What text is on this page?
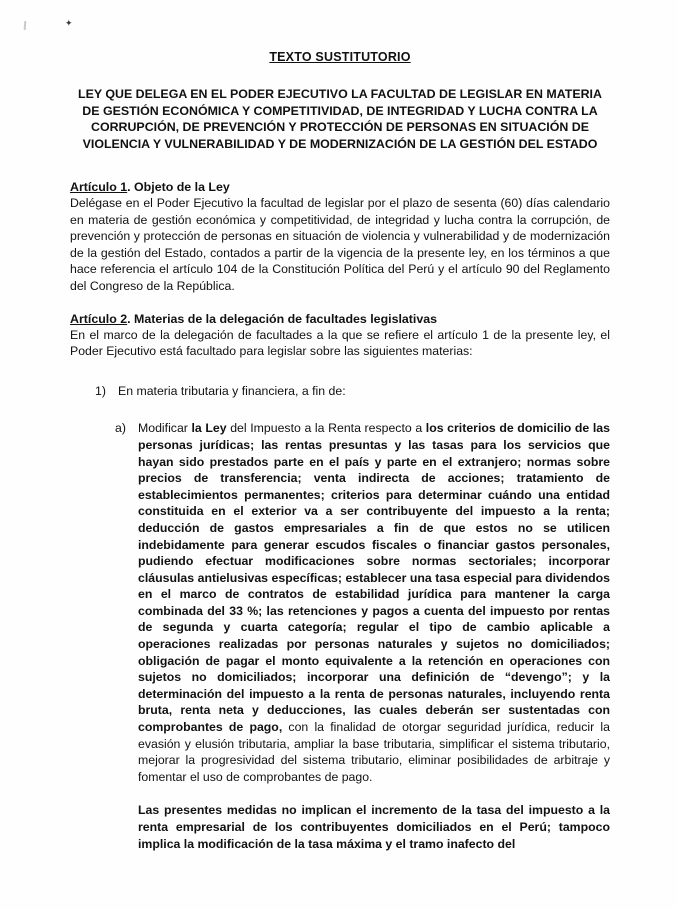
✦
TEXTO SUSTITUTORIO
LEY QUE DELEGA EN EL PODER EJECUTIVO LA FACULTAD DE LEGISLAR EN MATERIA DE GESTIÓN ECONÓMICA Y COMPETITIVIDAD, DE INTEGRIDAD Y LUCHA CONTRA LA CORRUPCIÓN, DE PREVENCIÓN Y PROTECCIÓN DE PERSONAS EN SITUACIÓN DE VIOLENCIA Y VULNERABILIDAD Y DE MODERNIZACIÓN DE LA GESTIÓN DEL ESTADO
Artículo 1. Objeto de la Ley

Delégase en el Poder Ejecutivo la facultad de legislar por el plazo de sesenta (60) días calendario en materia de gestión económica y competitividad, de integridad y lucha contra la corrupción, de prevención y protección de personas en situación de violencia y vulnerabilidad y de modernización de la gestión del Estado, contados a partir de la vigencia de la presente ley, en los términos a que hace referencia el artículo 104 de la Constitución Política del Perú y el artículo 90 del Reglamento del Congreso de la República.

Artículo 2. Materias de la delegación de facultades legislativas

En el marco de la delegación de facultades a la que se refiere el artículo 1 de la presente ley, el Poder Ejecutivo está facultado para legislar sobre las siguientes materias:

1) En materia tributaria y financiera, a fin de:
a) Modificar la Ley del Impuesto a la Renta respecto a los criterios de domicilio de las personas jurídicas; las rentas presuntas y las tasas para los servicios que hayan sido prestados parte en el país y parte en el extranjero; normas sobre precios de transferencia; venta indirecta de acciones; tratamiento de establecimientos permanentes; criterios para determinar cuándo una entidad constituida en el exterior va a ser contribuyente del impuesto a la renta; deducción de gastos empresariales a fin de que estos no se utilicen indebidamente para generar escudos fiscales o financiar gastos personales, pudiendo efectuar modificaciones sobre normas sectoriales; incorporar cláusulas antielusivas específicas; establecer una tasa especial para dividendos en el marco de contratos de estabilidad jurídica para mantener la carga combinada del 33 %; las retenciones y pagos a cuenta del impuesto por rentas de segunda y cuarta categoría; regular el tipo de cambio aplicable a operaciones realizadas por personas naturales y sujetos no domiciliados; obligación de pagar el monto equivalente a la retención en operaciones con sujetos no domiciliados; incorporar una definición de “devengo”; y la determinación del impuesto a la renta de personas naturales, incluyendo renta bruta, renta neta y deducciones, las cuales deberán ser sustentadas con comprobantes de pago, con la finalidad de otorgar seguridad jurídica, reducir la evasión y elusión tributaria, ampliar la base tributaria, simplificar el sistema tributario, mejorar la progresividad del sistema tributario, eliminar posibilidades de arbitraje y fomentar el uso de comprobantes de pago.

Las presentes medidas no implican el incremento de la tasa del impuesto a la renta empresarial de los contribuyentes domiciliados en el Perú; tampoco implica la modificación de la tasa máxima y el tramo inafecto del
